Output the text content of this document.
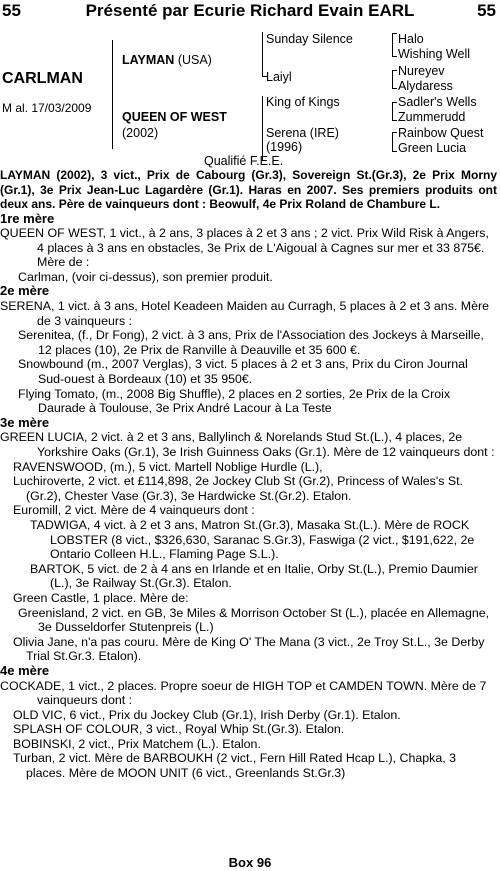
55	Présenté par Ecurie Richard Evain EARL	55
CARLMAN
M al. 17/03/2009
LAYMAN (USA)
QUEEN OF WEST
(2002)
Sunday Silence
Laiyl
King of Kings
Serena (IRE)
(1996)
Halo
Wishing Well
Nureyev
Alydaress
Sadler's Wells
Zummerudd
Rainbow Quest
Green Lucia
Qualifié F.E.E.

LAYMAN (2002), 3 vict., Prix de Cabourg (Gr.3), Sovereign St.(Gr.3), 2e Prix Morny (Gr.1), 3e Prix Jean-Luc Lagardère (Gr.1). Haras en 2007. Ses premiers produits ont deux ans. Père de vainqueurs dont : Beowulf, 4e Prix Roland de Chambure L.

1re mère

QUEEN OF WEST, 1 vict., à 2 ans, 3 places à 2 et 3 ans ; 2 vict. Prix Wild Risk à Angers, 4 places à 3 ans en obstacles, 3e Prix de L'Aigoual à Cagnes sur mer et 33 875€. Mère de :

Carlman, (voir ci-dessus), son premier produit.

2e mère

SERENA, 1 vict. à 3 ans, Hotel Keadeen Maiden au Curragh, 5 places à 2 et 3 ans. Mère de 3 vainqueurs :

Serenitea, (f., Dr Fong), 2 vict. à 3 ans, Prix de l'Association des Jockeys à Marseille, 12 places (10), 2e Prix de Ranville à Deauville et 35 600 €.

Snowbound (m., 2007 Verglas), 3 vict. 5 places à 2 et 3 ans, Prix du Ciron Journal Sud-ouest à Bordeaux (10) et 35 950€.

Flying Tomato, (m., 2008 Big Shuffle), 2 places en 2 sorties, 2e Prix de la Croix Daurade à Toulouse, 3e Prix André Lacour à La Teste

3e mère

GREEN LUCIA, 2 vict. à 2 et 3 ans, Ballylinch & Norelands Stud St.(L.), 4 places, 2e Yorkshire Oaks (Gr.1), 3e Irish Guinness Oaks (Gr.1). Mère de 12 vainqueurs dont :

RAVENSWOOD, (m.), 5 vict. Martell Noblige Hurdle (L.),

Luchiroverte, 2 vict. et £114,898, 2e Jockey Club St (Gr.2), Princess of Wales's St.(Gr.2), Chester Vase (Gr.3), 3e Hardwicke St.(Gr.2). Etalon.

Euromill, 2 vict. Mère de 4 vainqueurs dont :

TADWIGA, 4 vict. à 2 et 3 ans, Matron St.(Gr.3), Masaka St.(L.). Mère de ROCK LOBSTER (8 vict., $326,630, Saranac S.Gr.3), Faswiga (2 vict., $191,622, 2e Ontario Colleen H.L., Flaming Page S.L.).

BARTOK, 5 vict. de 2 à 4 ans en Irlande et en Italie, Orby St.(L.), Premio Daumier (L.), 3e Railway St.(Gr.3). Etalon.

Green Castle, 1 place. Mère de:

Greenisland, 2 vict. en GB, 3e Miles & Morrison October St (L.), placée en Allemagne, 3e Dusseldorfer Stutenpreis (L.)

Olivia Jane, n'a pas couru. Mère de King O' The Mana (3 vict., 2e Troy St.L., 3e Derby Trial St.Gr.3. Etalon).

4e mère

COCKADE, 1 vict., 2 places. Propre soeur de HIGH TOP et CAMDEN TOWN. Mère de 7 vainqueurs dont :

OLD VIC, 6 vict., Prix du Jockey Club (Gr.1), Irish Derby (Gr.1). Etalon.

SPLASH OF COLOUR, 3 vict., Royal Whip St.(Gr.3). Etalon.

BOBINSKI, 2 vict., Prix Matchem (L.). Etalon.

Turban, 2 vict. Mère de BARBOUKH (2 vict., Fern Hill Rated Hcap L.), Chapka, 3 places. Mère de MOON UNIT (6 vict., Greenlands St.Gr.3)

Box 96
